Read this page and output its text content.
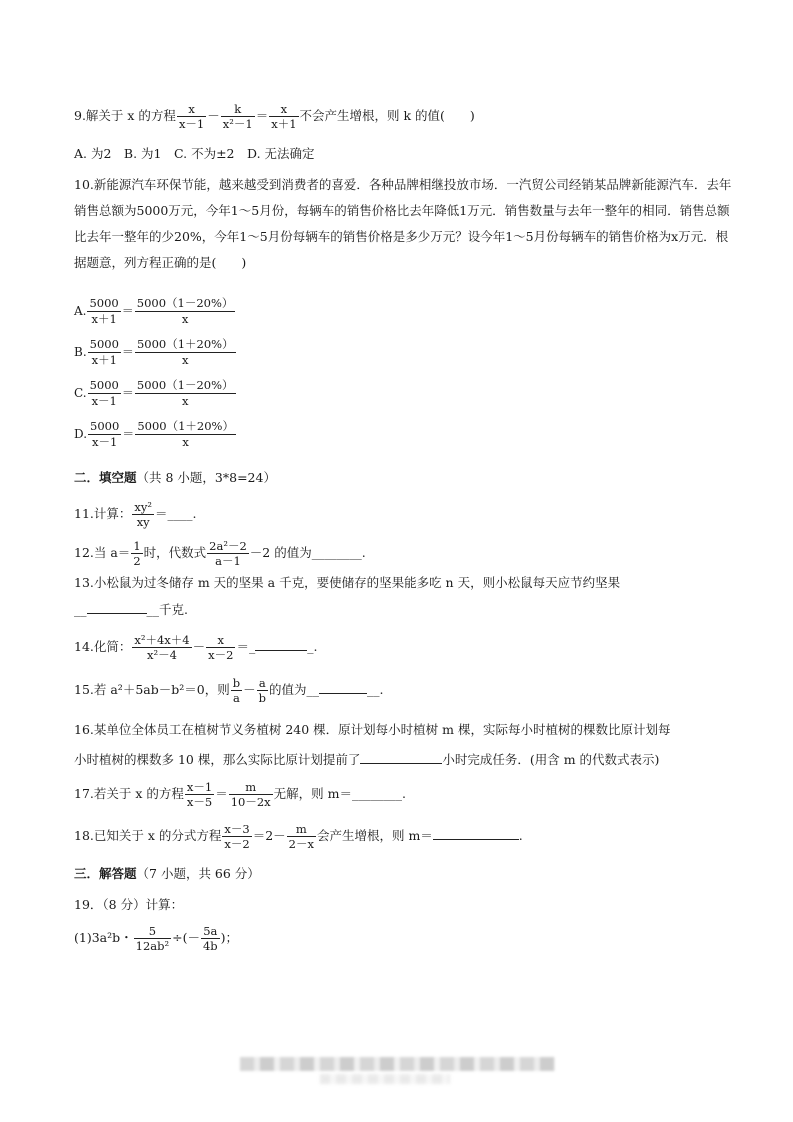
9.解关于 x 的方程 $\frac{x}{x-1} - \frac{k}{\text{x²－1}} = \frac{x}{x+1}$ 不会产生增根，则 k 的值(　　)
A. 为2　B. 为1　C. 不为±2　D. 无法确定
10.新能源汽车环保节能，越来越受到消费者的喜爱．各种品牌相继投放市场．一汽贸公司经销某品牌新能源汽车．去年销售总额为5000万元，今年1～5月份，每辆车的销售价格比去年降低1万元．销售数量与去年一整年的相同．销售总额比去年一整年的少20%，今年1～5月份每辆车的销售价格是多少万元？设今年1～5月份每辆车的销售价格为x万元．根据题意，列方程正确的是(　　)
A. $\frac{5000}{x+1} = \frac{5000(1-20\%)}{x}$
B. $\frac{5000}{x+1} = \frac{5000(1+20\%)}{x}$
C. $\frac{5000}{x-1} = \frac{5000(1-20\%)}{x}$
D. $\frac{5000}{x-1} = \frac{5000(1+20\%)}{x}$
二．填空题（共 8 小题，3*8=24）
11.计算： $\frac{\text{xy²}}{xy}$ ＝____.
12.当 $a= \frac{1}{2}$ 时，代数式 $\frac{\text{2a²－2}}{a-1} -2$ 的值为________.
13.小松鼠为过冬储存 m 天的坚果 a 千克，要使储存的坚果能多吃 n 天，则小松鼠每天应节约坚果
__	__千克.
14.化简： $\frac{\text{x²＋4x＋4}}{\text{x²－4}} - \frac{x}{x-2}$ ＝_	_.
15.若 a²＋5ab－b²＝0，则 $\frac{b}{a} - \frac{a}{b}$ 的值为__	__.
16.某单位全体员工在植树节义务植树 240 棵．原计划每小时植树 m 棵，实际每小时植树的棵数比原计划每
小时植树的棵数多 10 棵，那么实际比原计划提前了	小时完成任务．(用含 m 的代数式表示)
17.若关于 x 的方程 $\frac{x-1}{x-5} = \frac{m}{10-2x}$ 无解，则 m＝________.
18.已知关于 x 的分式方程 $\frac{x-3}{x-2} =2- \frac{m}{2-x}$ 会产生增根，则 m＝	.
三．解答题（7 小题，共 66 分）
19．（8 分）计算：
(1)3a²b・ $\frac{5}{\text{12ab²}}$ ÷(－ $\frac{5a}{4b}$ )；
